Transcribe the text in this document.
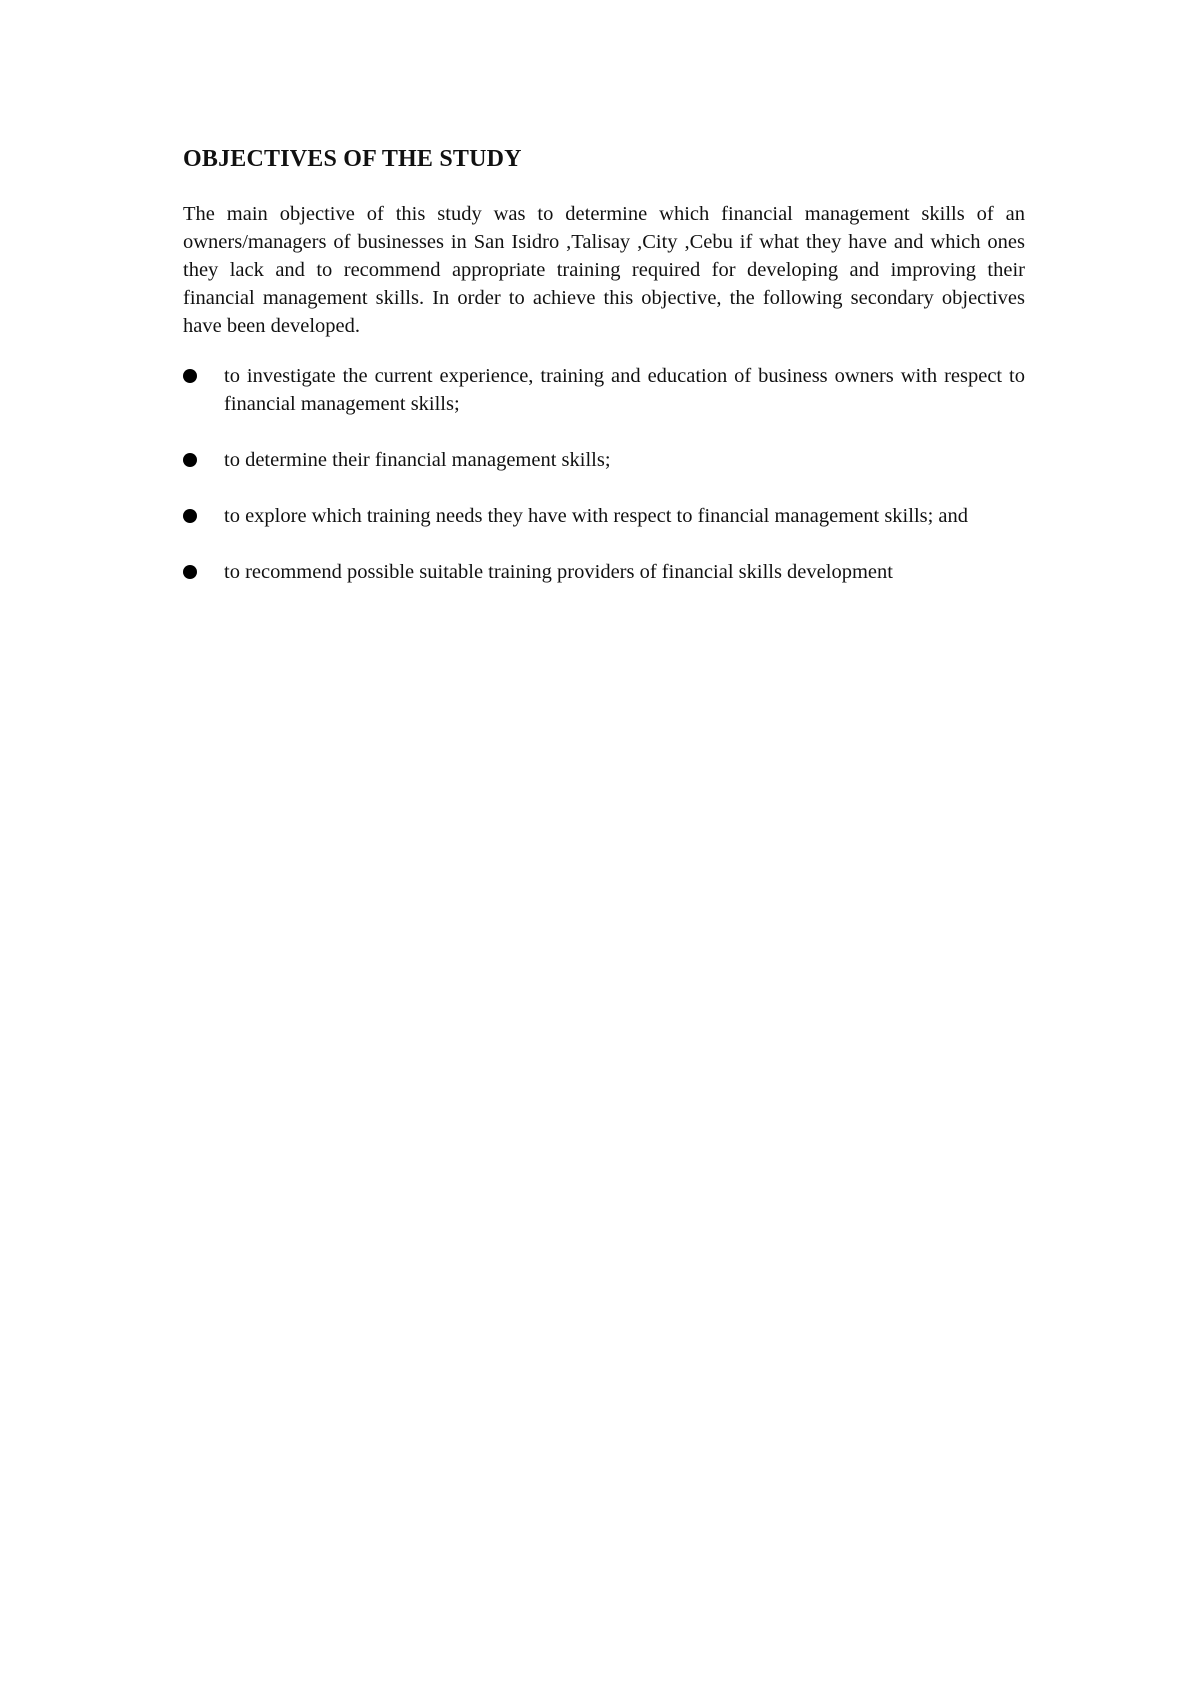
OBJECTIVES OF THE STUDY

The main objective of this study was to determine which financial management skills of an owners/managers of businesses in San Isidro ,Talisay ,City ,Cebu if what they have and which ones they lack and to recommend appropriate training required for developing and improving their financial management skills. In order to achieve this objective, the following secondary objectives have been developed.

to investigate the current experience, training and education of business owners with respect to financial management skills;
to determine their financial management skills;
to explore which training needs they have with respect to financial management skills; and
to recommend possible suitable training providers of financial skills development
